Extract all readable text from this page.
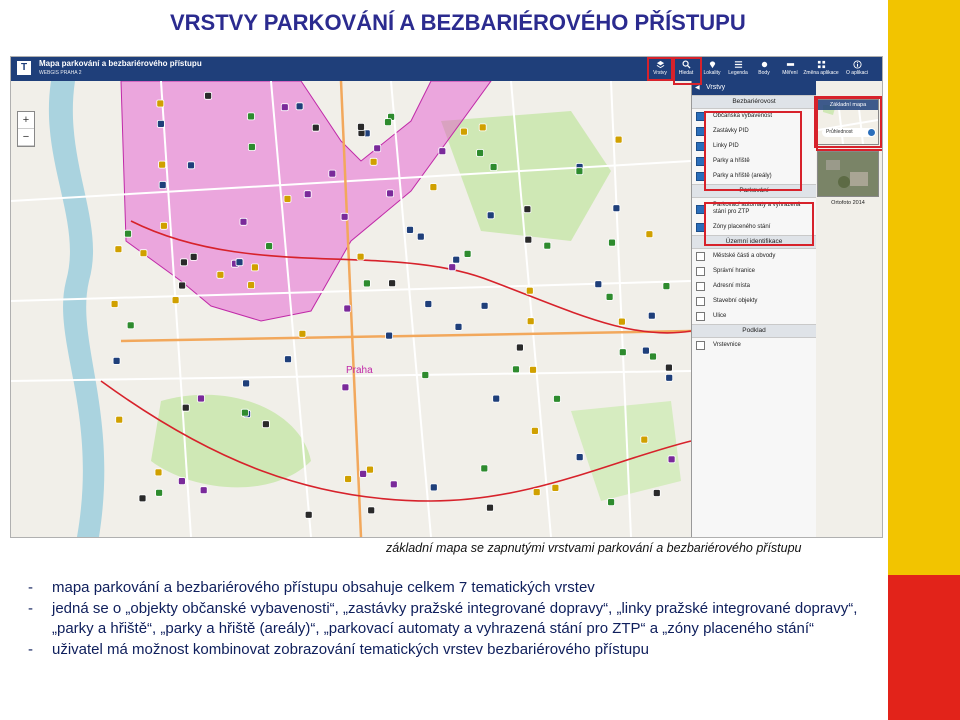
VRSTVY PARKOVÁNÍ A BEZBARIÉROVÉHO PŘÍSTUPU
Praha
+
−
T	Mapa parkování a bezbariérového přístupu
WEBGIS PRAHA 2	Vrstvy Hledat Lokality Legenda Body	Měření Změna aplikace O aplikaci
◀ Vrstvy
Bezbariérovost
Občanská vybavenost
Zastávky PID
Linky PID
Parky a hřiště
Parky a hřiště (areály)
Parkování
Parkovací automaty a vyhrazená stání pro ZTP
Zóny placeného stání
Územní identifikace
Městské části a obvody
Správní hranice
Adresní místa
Stavební objekty
Ulice
Podklad
Vrstevnice
Základní mapa
Průhlednost
Ortofoto 2014
základní mapa se zapnutými vrstvami parkování a bezbariérového přístupu
- mapa parkování a bezbariérového přístupu obsahuje celkem 7 tematických vrstev
- jedná se o „objekty občanské vybavenosti“, „zastávky pražské integrované dopravy“, „linky pražské integrované dopravy“, „parky a hřiště“, „parky a hřiště (areály)“, „parkovací automaty a vyhrazená stání pro ZTP“ a „zóny placeného stání“
- uživatel má možnost kombinovat zobrazování tematických vrstev bezbariérového přístupu
